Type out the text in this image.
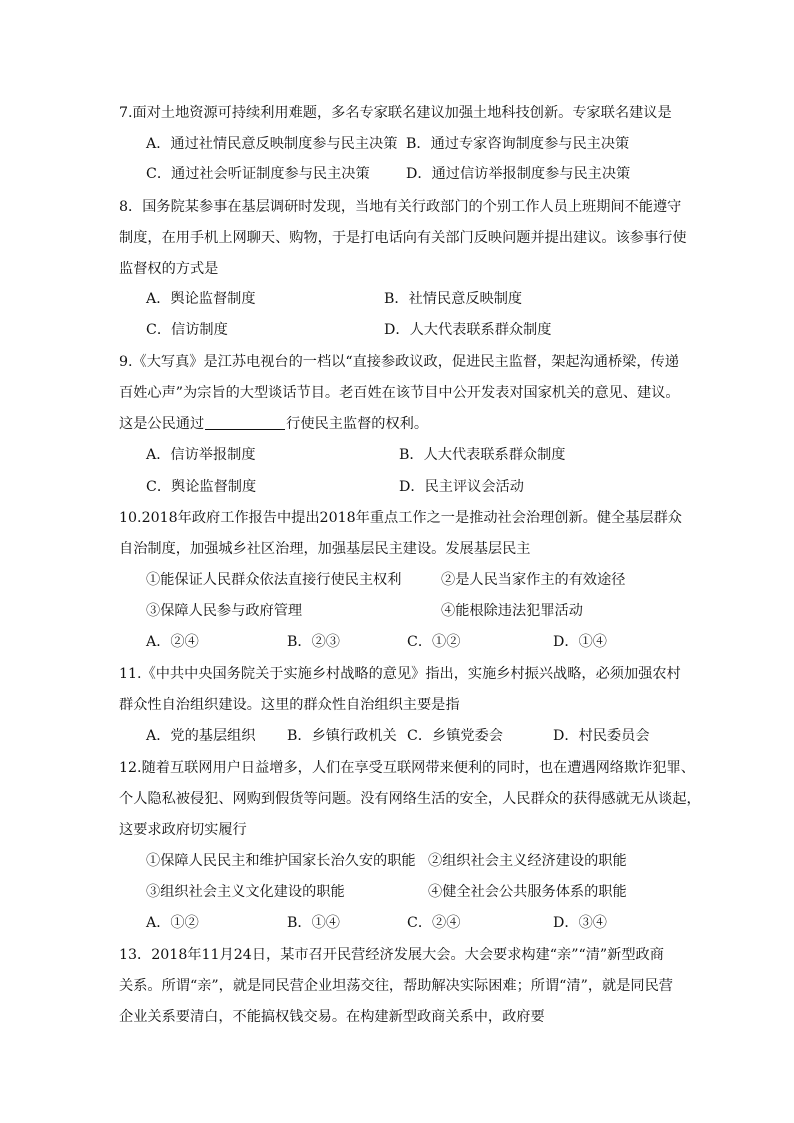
7.面对土地资源可持续利用难题，多名专家联名建议加强土地科技创新。专家联名建议是
A．通过社情民意反映制度参与民主决策 B．通过专家咨询制度参与民主决策
C．通过社会听证制度参与民主决策	D．通过信访举报制度参与民主决策
8．国务院某参事在基层调研时发现，当地有关行政部门的个别工作人员上班期间不能遵守
制度，在用手机上网聊天、购物，于是打电话向有关部门反映问题并提出建议。该参事行使
监督权的方式是
A．舆论监督制度	B．社情民意反映制度
C．信访制度	D．人大代表联系群众制度
9.《大写真》是江苏电视台的一档以“直接参政议政，促进民主监督，架起沟通桥梁，传递
百姓心声”为宗旨的大型谈话节目。老百姓在该节目中公开发表对国家机关的意见、建议。
这是公民通过	行使民主监督的权利。
A．信访举报制度	B．人大代表联系群众制度
C．舆论监督制度	D．民主评议会活动
10.2018年政府工作报告中提出2018年重点工作之一是推动社会治理创新。健全基层群众
自治制度，加强城乡社区治理，加强基层民主建设。发展基层民主
①能保证人民群众依法直接行使民主权利	②是人民当家作主的有效途径
③保障人民参与政府管理	④能根除违法犯罪活动
A．②④	B．②③	C．①②	D．①④
11.《中共中央国务院关于实施乡村战略的意见》指出，实施乡村振兴战略，必须加强农村
群众性自治组织建设。这里的群众性自治组织主要是指
A．党的基层组织 B．乡镇行政机关 C．乡镇党委会	D．村民委员会
12.随着互联网用户日益增多，人们在享受互联网带来便利的同时，也在遭遇网络欺诈犯罪、
个人隐私被侵犯、网购到假货等问题。没有网络生活的安全，人民群众的获得感就无从谈起，
这要求政府切实履行
①保障人民民主和维护国家长治久安的职能 ②组织社会主义经济建设的职能
③组织社会主义文化建设的职能	④健全社会公共服务体系的职能
A．①②	B．①④	C．②④	D．③④
13．2018年11月24日，某市召开民营经济发展大会。大会要求构建“亲”“清”新型政商
关系。所谓“亲”，就是同民营企业坦荡交往，帮助解决实际困难；所谓“清”，就是同民营
企业关系要清白，不能搞权钱交易。在构建新型政商关系中，政府要
